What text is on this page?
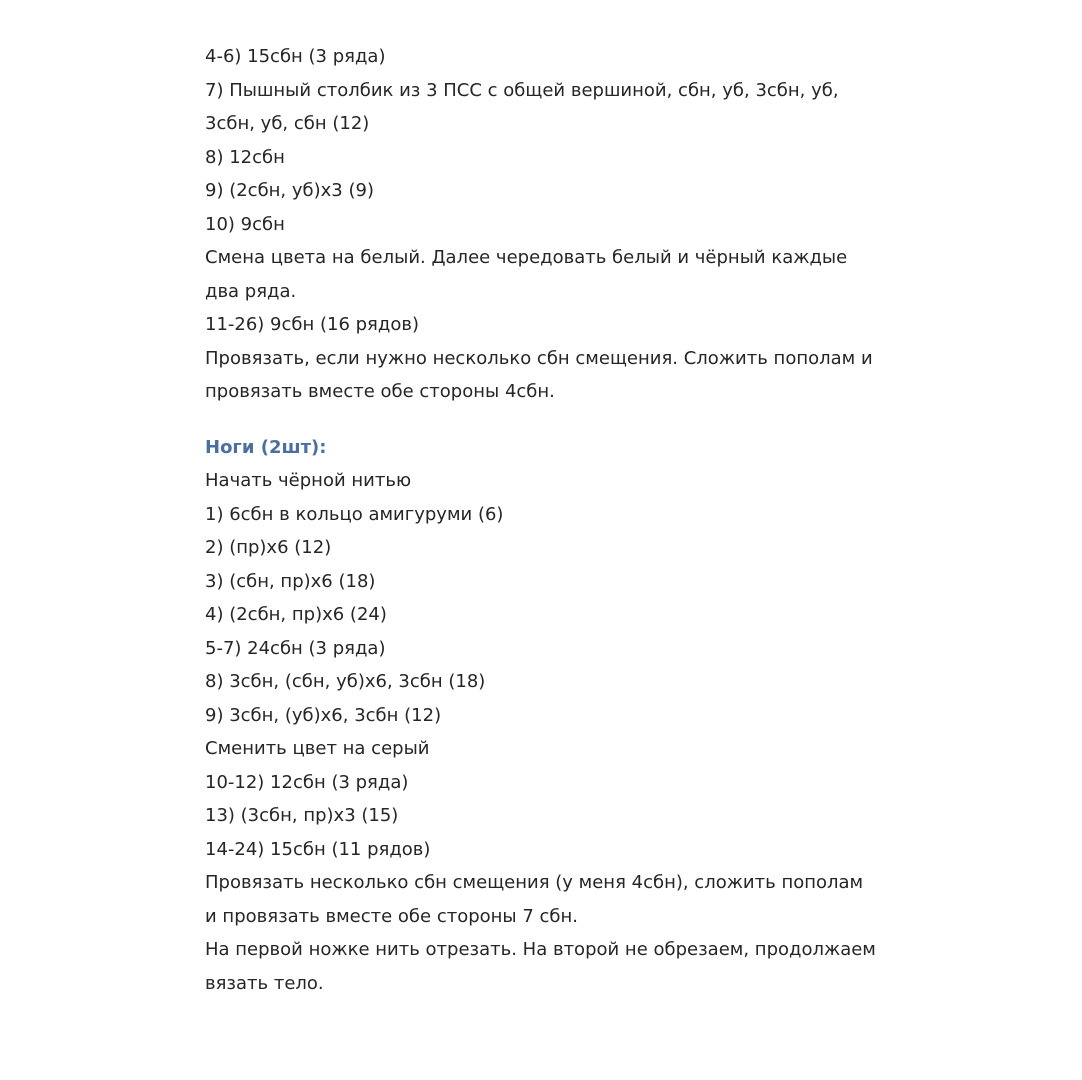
4-6) 15сбн (3 ряда)
7) Пышный столбик из 3 ПСС с общей вершиной, сбн, уб, 3сбн, уб,
3сбн, уб, сбн (12)
8) 12сбн
9) (2сбн, уб)х3 (9)
10) 9сбн
Смена цвета на белый. Далее чередовать белый и чёрный каждые
два ряда.
11-26) 9сбн (16 рядов)
Провязать, если нужно несколько сбн смещения. Сложить пополам и
провязать вместе обе стороны 4сбн.
Ноги (2шт):
Начать чёрной нитью
1) 6сбн в кольцо амигуруми (6)
2) (пр)х6 (12)
3) (сбн, пр)х6 (18)
4) (2сбн, пр)х6 (24)
5-7) 24сбн (3 ряда)
8) 3сбн, (сбн, уб)х6, 3сбн (18)
9) 3сбн, (уб)х6, 3сбн (12)
Сменить цвет на серый
10-12) 12сбн (3 ряда)
13) (3сбн, пр)х3 (15)
14-24) 15сбн (11 рядов)
Провязать несколько сбн смещения (у меня 4сбн), сложить пополам
и провязать вместе обе стороны 7 сбн.
На первой ножке нить отрезать. На второй не обрезаем, продолжаем
вязать тело.
